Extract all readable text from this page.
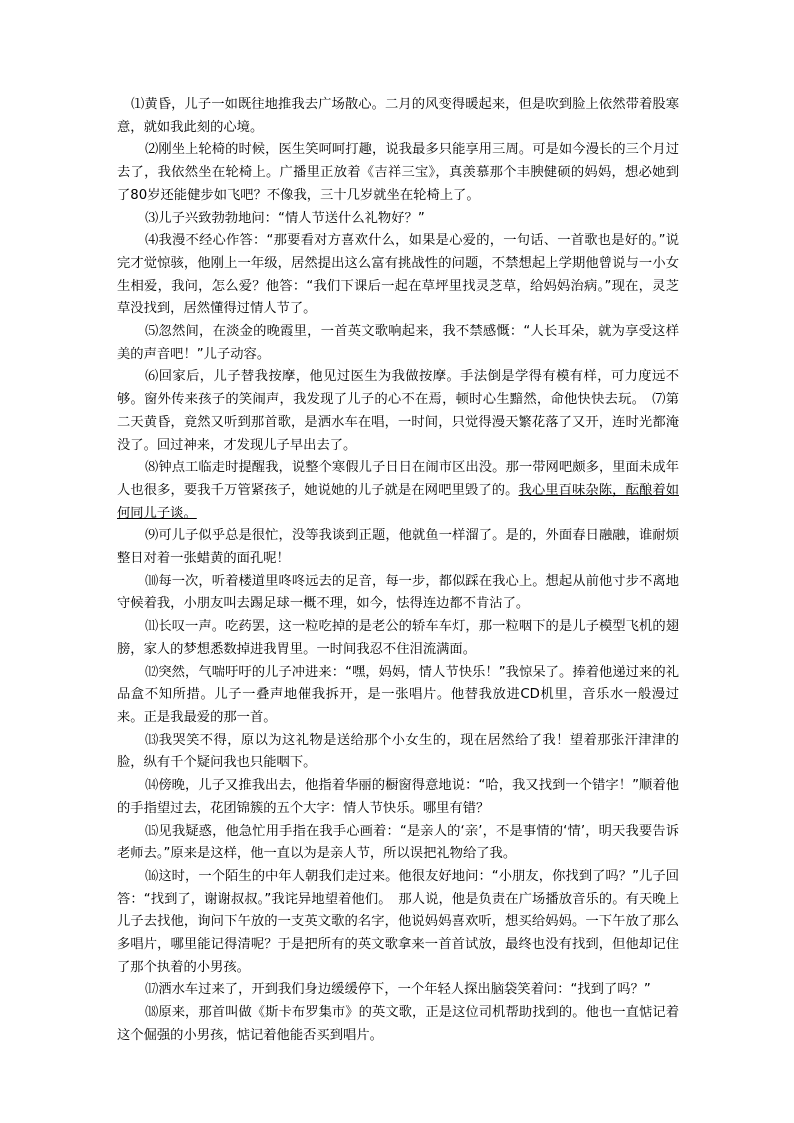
⑴黄昏，儿子一如既往地推我去广场散心。二月的风变得暖起来，但是吹到脸上依然带着股寒意，就如我此刻的心境。

⑵刚坐上轮椅的时候，医生笑呵呵打趣，说我最多只能享用三周。可是如今漫长的三个月过去了，我依然坐在轮椅上。广播里正放着《吉祥三宝》，真羡慕那个丰腴健硕的妈妈，想必她到了80岁还能健步如飞吧？不像我，三十几岁就坐在轮椅上了。

⑶儿子兴致勃勃地问：“情人节送什么礼物好？”

⑷我漫不经心作答：“那要看对方喜欢什么，如果是心爱的，一句话、一首歌也是好的。”说完才觉惊骇，他刚上一年级，居然提出这么富有挑战性的问题，不禁想起上学期他曾说与一小女生相爱，我问，怎么爱？他答：“我们下课后一起在草坪里找灵芝草，给妈妈治病。”现在，灵芝草没找到，居然懂得过情人节了。

⑸忽然间，在淡金的晚霞里，一首英文歌响起来，我不禁感慨：“人长耳朵，就为享受这样美的声音吧！”儿子动容。

⑹回家后，儿子替我按摩，他见过医生为我做按摩。手法倒是学得有模有样，可力度远不够。窗外传来孩子的笑闹声，我发现了儿子的心不在焉，顿时心生黯然，命他快快去玩。　⑺第二天黄昏，竟然又听到那首歌，是洒水车在唱，一时间，只觉得漫天繁花落了又开，连时光都淹没了。回过神来，才发现儿子早出去了。

⑻钟点工临走时提醒我，说整个寒假儿子日日在闹市区出没。那一带网吧颇多，里面未成年人也很多，要我千万管紧孩子，她说她的儿子就是在网吧里毁了的。我心里百味杂陈，酝酿着如何同儿子谈。

⑼可儿子似乎总是很忙，没等我谈到正题，他就鱼一样溜了。是的，外面春日融融，谁耐烦整日对着一张蜡黄的面孔呢！

⑽每一次，听着楼道里咚咚远去的足音，每一步，都似踩在我心上。想起从前他寸步不离地守候着我，小朋友叫去踢足球一概不理，如今，怯得连边都不肯沾了。

⑾长叹一声。吃药罢，这一粒吃掉的是老公的轿车车灯，那一粒咽下的是儿子模型飞机的翅膀，家人的梦想悉数掉进我胃里。一时间我忍不住泪流满面。

⑿突然，气喘吁吁的儿子冲进来：“嘿，妈妈，情人节快乐！”我惊呆了。捧着他递过来的礼品盒不知所措。儿子一叠声地催我拆开，是一张唱片。他替我放进CD机里，音乐水一般漫过来。正是我最爱的那一首。

⒀我哭笑不得，原以为这礼物是送给那个小女生的，现在居然给了我！望着那张汗津津的脸，纵有千个疑问我也只能咽下。

⒁傍晚，儿子又推我出去，他指着华丽的橱窗得意地说：“哈，我又找到一个错字！”顺着他的手指望过去，花团锦簇的五个大字：情人节快乐。哪里有错？

⒂见我疑惑，他急忙用手指在我手心画着：“是亲人的‘亲’，不是事情的‘情’，明天我要告诉老师去。”原来是这样，他一直以为是亲人节，所以误把礼物给了我。

⒃这时，一个陌生的中年人朝我们走过来。他很友好地问：“小朋友，你找到了吗？”儿子回答：“找到了，谢谢叔叔。”我诧异地望着他们。　那人说，他是负责在广场播放音乐的。有天晚上儿子去找他，询问下午放的一支英文歌的名字，他说妈妈喜欢听，想买给妈妈。一下午放了那么多唱片，哪里能记得清呢？于是把所有的英文歌拿来一首首试放，最终也没有找到，但他却记住了那个执着的小男孩。

⒄洒水车过来了，开到我们身边缓缓停下，一个年轻人探出脑袋笑着问：“找到了吗？”

⒅原来，那首叫做《斯卡布罗集市》的英文歌，正是这位司机帮助找到的。他也一直惦记着这个倔强的小男孩，惦记着他能否买到唱片。
